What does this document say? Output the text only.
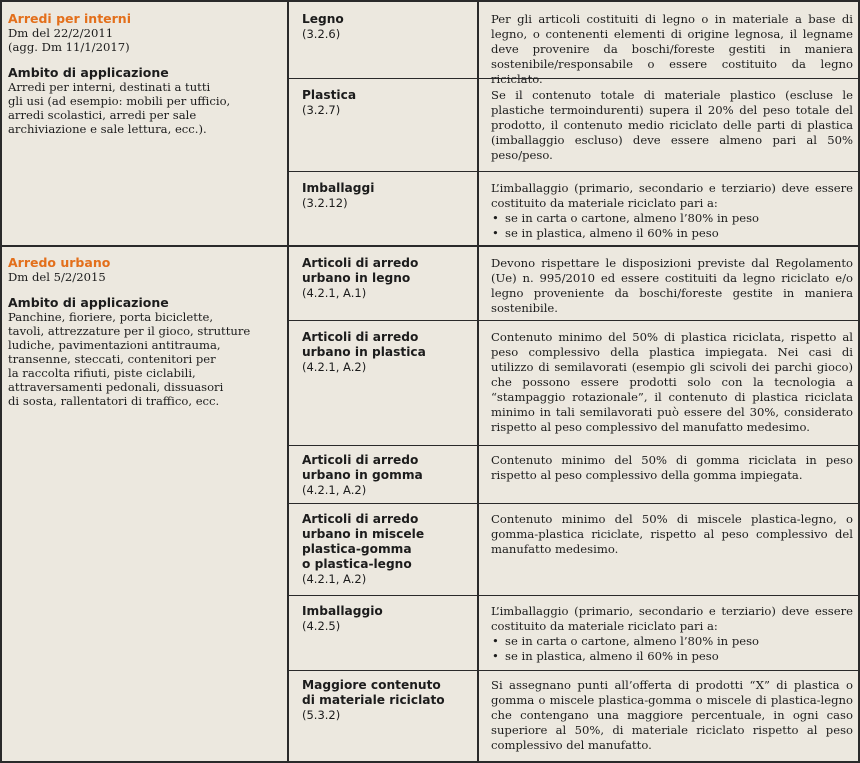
Arredi per interni
Dm del 22/2/2011
(agg. Dm 11/1/2017)
Ambito di applicazione
Arredi per interni, destinati a tutti
gli usi (ad esempio: mobili per ufficio,
arredi scolastici, arredi per sale
archiviazione e sale lettura, ecc.).
Legno
(3.2.6)
Per gli articoli costituiti di legno o in materiale a base di legno, o contenenti elementi di origine legnosa, il legname deve provenire da boschi/foreste gestiti in maniera sostenibile/responsabile o essere costituito da legno riciclato.
Plastica
(3.2.7)
Se il contenuto totale di materiale plastico (escluse le plastiche termoindurenti) supera il 20% del peso totale del prodotto, il contenuto medio riciclato delle parti di plastica (imballaggio escluso) deve essere almeno pari al 50% peso/peso.
Imballaggi
(3.2.12)
L’imballaggio (primario, secondario e terziario) deve essere costituito da materiale riciclato pari a:
• se in carta o cartone, almeno l’80% in peso
• se in plastica, almeno il 60% in peso
Arredo urbano
Dm del 5/2/2015
Ambito di applicazione
Panchine, fioriere, porta biciclette,
tavoli, attrezzature per il gioco, strutture
ludiche, pavimentazioni antitrauma,
transenne, steccati, contenitori per
la raccolta rifiuti, piste ciclabili,
attraversamenti pedonali, dissuasori
di sosta, rallentatori di traffico, ecc.
Articoli di arredo
urbano in legno
(4.2.1, A.1)
Devono rispettare le disposizioni previste dal Regolamento (Ue) n. 995/2010 ed essere costituiti da legno riciclato e/o legno proveniente da boschi/foreste gestite in maniera sostenibile.
Articoli di arredo
urbano in plastica
(4.2.1, A.2)
Contenuto minimo del 50% di plastica riciclata, rispetto al peso complessivo della plastica impiegata. Nei casi di utilizzo di semilavorati (esempio gli scivoli dei parchi gioco) che possono essere prodotti solo con la tecnologia a “stampaggio rotazionale”, il contenuto di plastica riciclata minimo in tali semilavorati può essere del 30%, considerato rispetto al peso complessivo del manufatto medesimo.
Articoli di arredo
urbano in gomma
(4.2.1, A.2)
Contenuto minimo del 50% di gomma riciclata in peso rispetto al peso complessivo della gomma impiegata.
Articoli di arredo
urbano in miscele
plastica-gomma
o plastica-legno
(4.2.1, A.2)
Contenuto minimo del 50% di miscele plastica-legno, o gomma-plastica riciclate, rispetto al peso complessivo del manufatto medesimo.
Imballaggio
(4.2.5)
L’imballaggio (primario, secondario e terziario) deve essere costituito da materiale riciclato pari a:
• se in carta o cartone, almeno l’80% in peso
• se in plastica, almeno il 60% in peso
Maggiore contenuto
di materiale riciclato
(5.3.2)
Si assegnano punti all’offerta di prodotti “X” di plastica o gomma o miscele plastica-gomma o miscele di plastica-legno che contengano una maggiore percentuale, in ogni caso superiore al 50%, di materiale riciclato rispetto al peso complessivo del manufatto.
